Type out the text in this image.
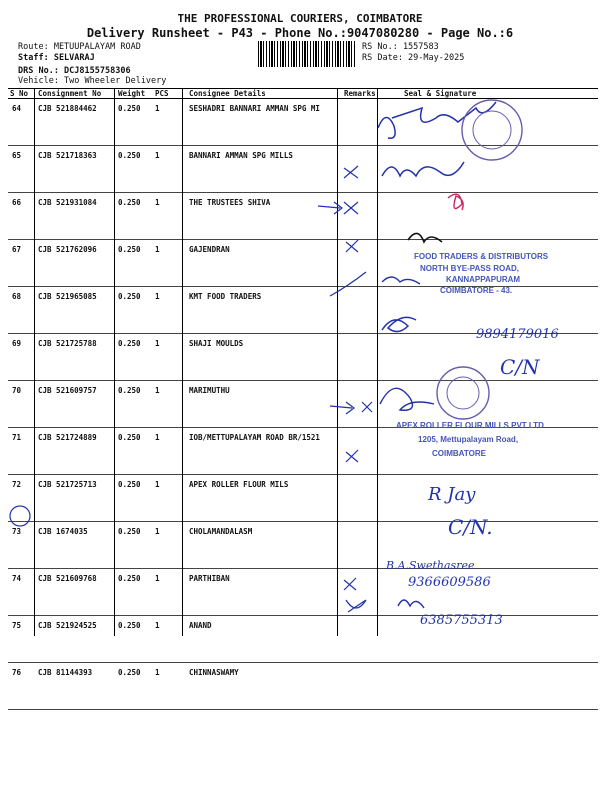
THE PROFESSIONAL COURIERS, COIMBATORE
Delivery Runsheet - P43 - Phone No.:9047080280 - Page No.:6
Route: METUUPALAYAM ROAD
Staff: SELVARAJ
DRS No.: DCJ8155758306
Vehicle: Two Wheeler Delivery
RS No.: 1557583
RS Date: 29-May-2025
S No	Consignment No	Weight	PCS	Consignee Details	Remarks	Seal & Signature
64	CJB 521884462	0.250	1	SESHADRI BANNARI AMMAN SPG MI		
65	CJB 521718363	0.250	1	BANNARI AMMAN SPG MILLS		
66	CJB 521931084	0.250	1	THE TRUSTEES SHIVA		
67	CJB 521762096	0.250	1	GAJENDRAN		
68	CJB 521965085	0.250	1	KMT FOOD TRADERS		
69	CJB 521725788	0.250	1	SHAJI MOULDS		
70	CJB 521609757	0.250	1	MARIMUTHU		
71	CJB 521724889	0.250	1	IOB/METTUPALAYAM ROAD BR/1521		
72	CJB 521725713	0.250	1	APEX ROLLER FLOUR MILS		
73	CJB 1674035	0.250	1	CHOLAMANDALASM		
74	CJB 521609768	0.250	1	PARTHIBAN		
75	CJB 521924525	0.250	1	ANAND		
76	CJB 81144393	0.250	1	CHINNASWAMY		
FOOD TRADERS & DISTRIBUTORS
NORTH BYE-PASS ROAD,
KANNAPPAPURAM
COIMBATORE - 43.
9894179016
C/N
APEX ROLLER FLOUR MILLS PVT LTD
1205, Mettupalayam Road,
COIMBATORE
R Jay
C/N.
B.A.Swethasree
9366609586
6385755313
